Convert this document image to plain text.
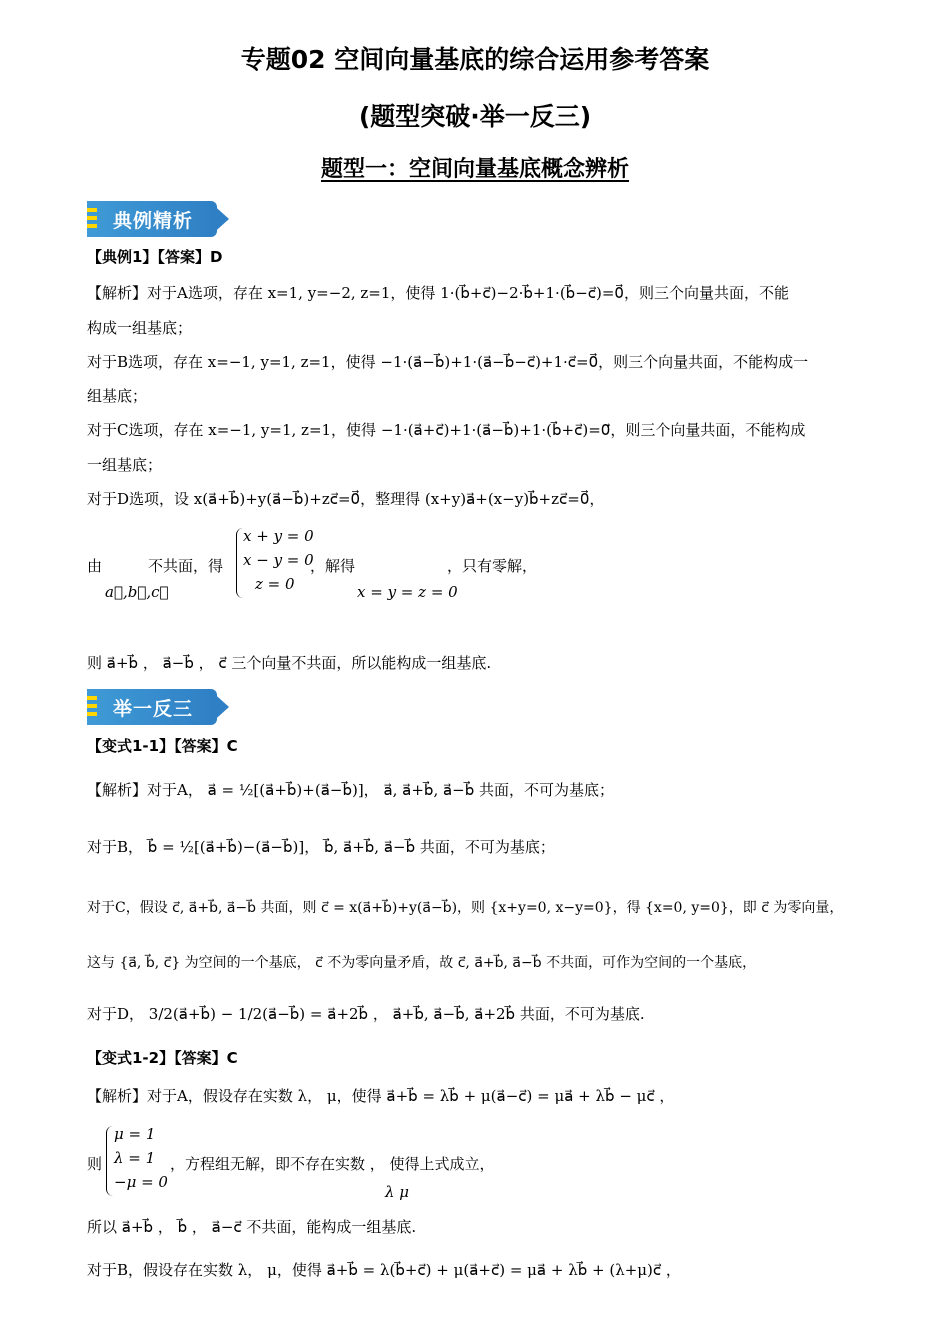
专题02 空间向量基底的综合运用参考答案
(题型突破·举一反三)
题型一：空间向量基底概念辨析
典例精析
【典例1】【答案】D
【解析】对于A选项，存在 x=1, y=−2, z=1，使得 1·(b⃗+c⃗)−2·b⃗+1·(b⃗−c⃗)=0⃗，则三个向量共面，不能
构成一组基底；
对于B选项，存在 x=−1, y=1, z=1，使得 −1·(a⃗−b⃗)+1·(a⃗−b⃗−c⃗)+1·c⃗=0⃗，则三个向量共面，不能构成一
组基底；
对于C选项，存在 x=−1, y=1, z=1，使得 −1·(a⃗+c⃗)+1·(a⃗−b⃗)+1·(b⃗+c⃗)=0⃗，则三个向量共面，不能构成
一组基底；
对于D选项，设 x(a⃗+b⃗)+y(a⃗−b⃗)+zc⃗=0⃗，整理得 (x+y)a⃗+(x−y)b⃗+zc⃗=0⃗，
由
a⃗,b⃗,c⃗
不共面，得
x + y = 0
x − y = 0
z = 0
，解得
x = y = z = 0
，只有零解，
则 a⃗+b⃗ ， a⃗−b⃗ ， c⃗ 三个向量不共面，所以能构成一组基底.
举一反三
【变式1-1】【答案】C
【解析】对于A， a⃗ = ½[(a⃗+b⃗)+(a⃗−b⃗)]， a⃗, a⃗+b⃗, a⃗−b⃗ 共面，不可为基底；
对于B， b⃗ = ½[(a⃗+b⃗)−(a⃗−b⃗)]， b⃗, a⃗+b⃗, a⃗−b⃗ 共面，不可为基底；
对于C，假设 c⃗, a⃗+b⃗, a⃗−b⃗ 共面，则 c⃗ = x(a⃗+b⃗)+y(a⃗−b⃗)，则 {x+y=0, x−y=0}，得 {x=0, y=0}，即 c⃗ 为零向量，
这与 {a⃗, b⃗, c⃗} 为空间的一个基底， c⃗ 不为零向量矛盾，故 c⃗, a⃗+b⃗, a⃗−b⃗ 不共面，可作为空间的一个基底，
对于D， 3/2(a⃗+b⃗) − 1/2(a⃗−b⃗) = a⃗+2b⃗ ， a⃗+b⃗, a⃗−b⃗, a⃗+2b⃗ 共面，不可为基底.
【变式1-2】【答案】C
【解析】对于A，假设存在实数 λ， μ，使得 a⃗+b⃗ = λb⃗ + μ(a⃗−c⃗) = μa⃗ + λb⃗ − μc⃗ ，
则
μ = 1
λ = 1
−μ = 0
，方程组无解，即不存在实数 ， 使得上式成立，
λ μ
所以 a⃗+b⃗ ， b⃗ ， a⃗−c⃗ 不共面，能构成一组基底.
对于B，假设存在实数 λ， μ，使得 a⃗+b⃗ = λ(b⃗+c⃗) + μ(a⃗+c⃗) = μa⃗ + λb⃗ + (λ+μ)c⃗ ，
